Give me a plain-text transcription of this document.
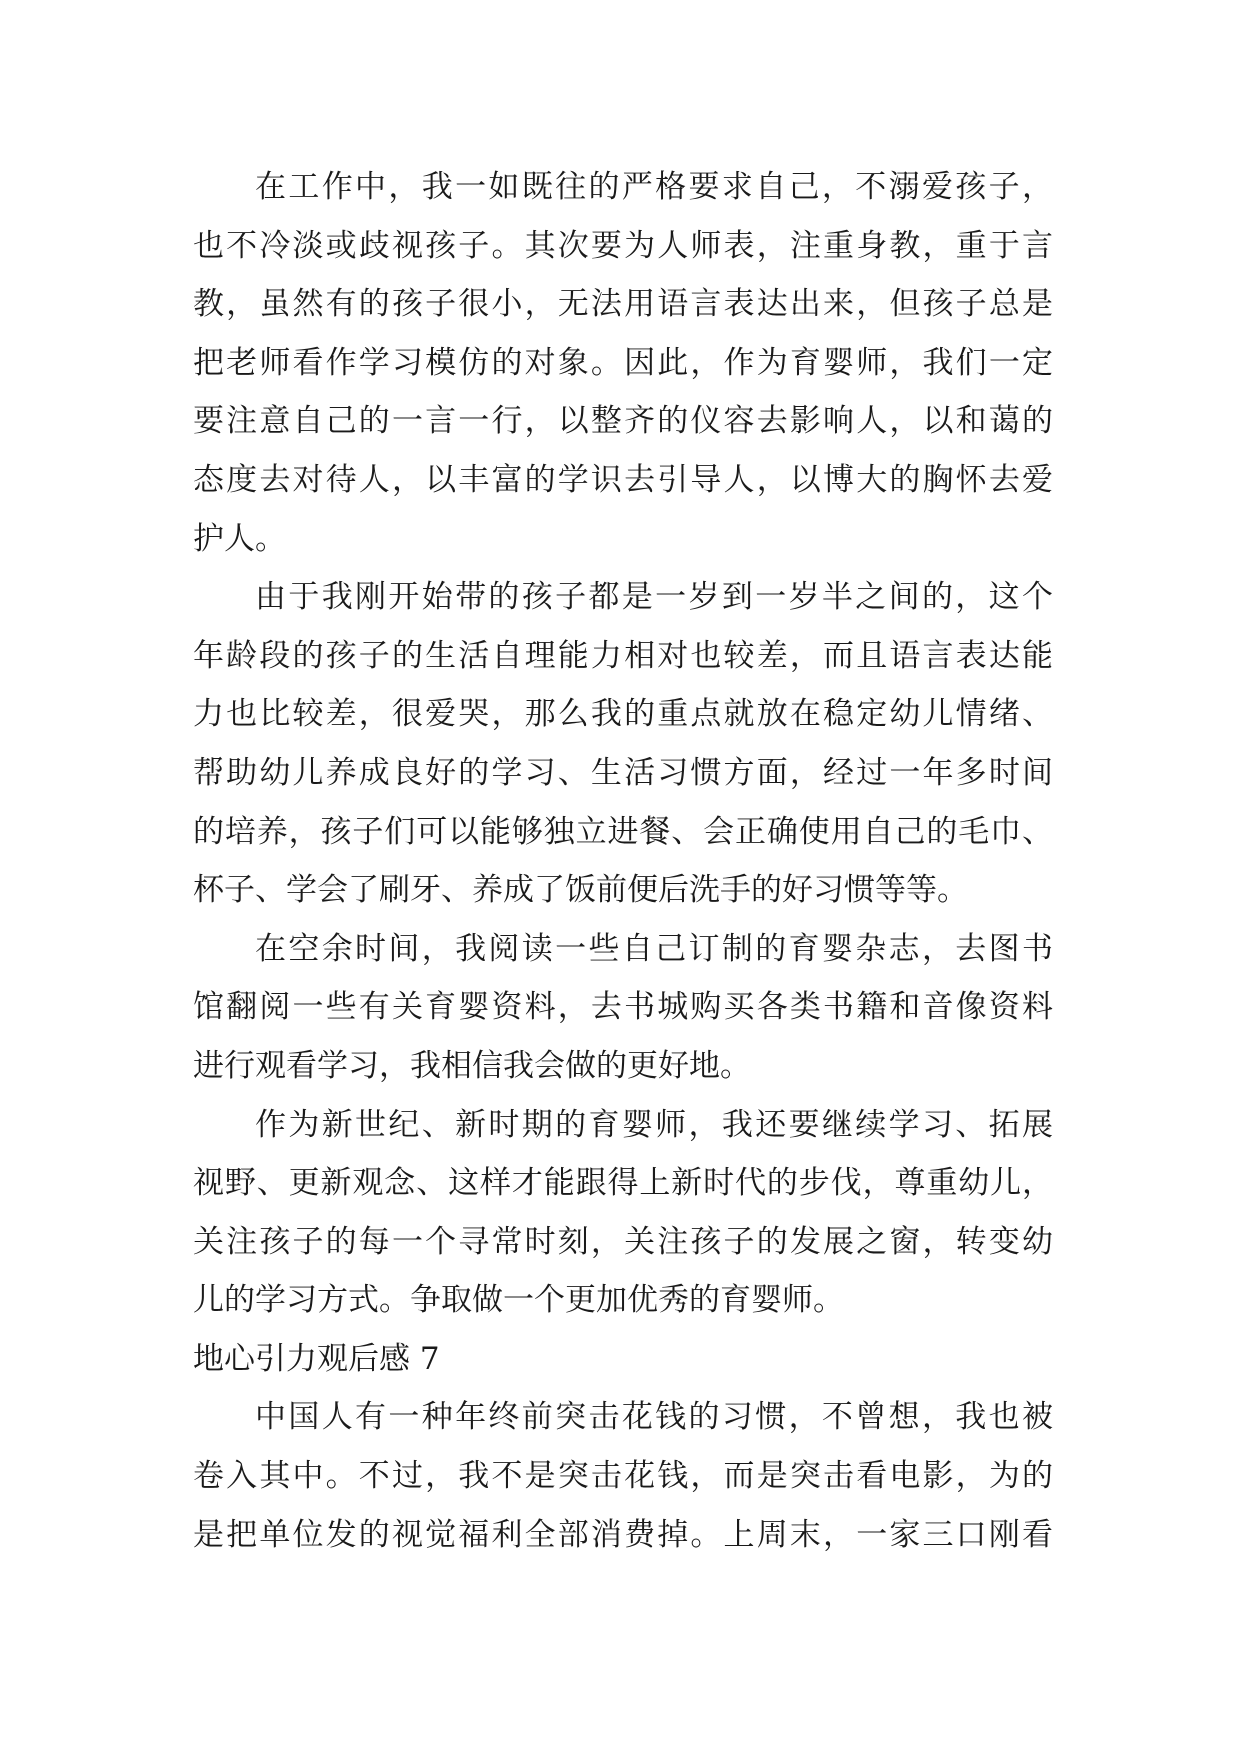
在工作中，我一如既往的严格要求自己，不溺爱孩子，
也不冷淡或歧视孩子。其次要为人师表，注重身教，重于言
教，虽然有的孩子很小，无法用语言表达出来，但孩子总是
把老师看作学习模仿的对象。因此，作为育婴师，我们一定
要注意自己的一言一行，以整齐的仪容去影响人，以和蔼的
态度去对待人，以丰富的学识去引导人，以博大的胸怀去爱
护人。
由于我刚开始带的孩子都是一岁到一岁半之间的，这个
年龄段的孩子的生活自理能力相对也较差，而且语言表达能
力也比较差，很爱哭，那么我的重点就放在稳定幼儿情绪、
帮助幼儿养成良好的学习、生活习惯方面，经过一年多时间
的培养，孩子们可以能够独立进餐、会正确使用自己的毛巾、
杯子、学会了刷牙、养成了饭前便后洗手的好习惯等等。
在空余时间，我阅读一些自己订制的育婴杂志，去图书
馆翻阅一些有关育婴资料，去书城购买各类书籍和音像资料
进行观看学习，我相信我会做的更好地。
作为新世纪、新时期的育婴师，我还要继续学习、拓展
视野、更新观念、这样才能跟得上新时代的步伐，尊重幼儿，
关注孩子的每一个寻常时刻，关注孩子的发展之窗，转变幼
儿的学习方式。争取做一个更加优秀的育婴师。
地心引力观后感 7
中国人有一种年终前突击花钱的习惯，不曾想，我也被
卷入其中。不过，我不是突击花钱，而是突击看电影，为的
是把单位发的视觉福利全部消费掉。上周末，一家三口刚看
